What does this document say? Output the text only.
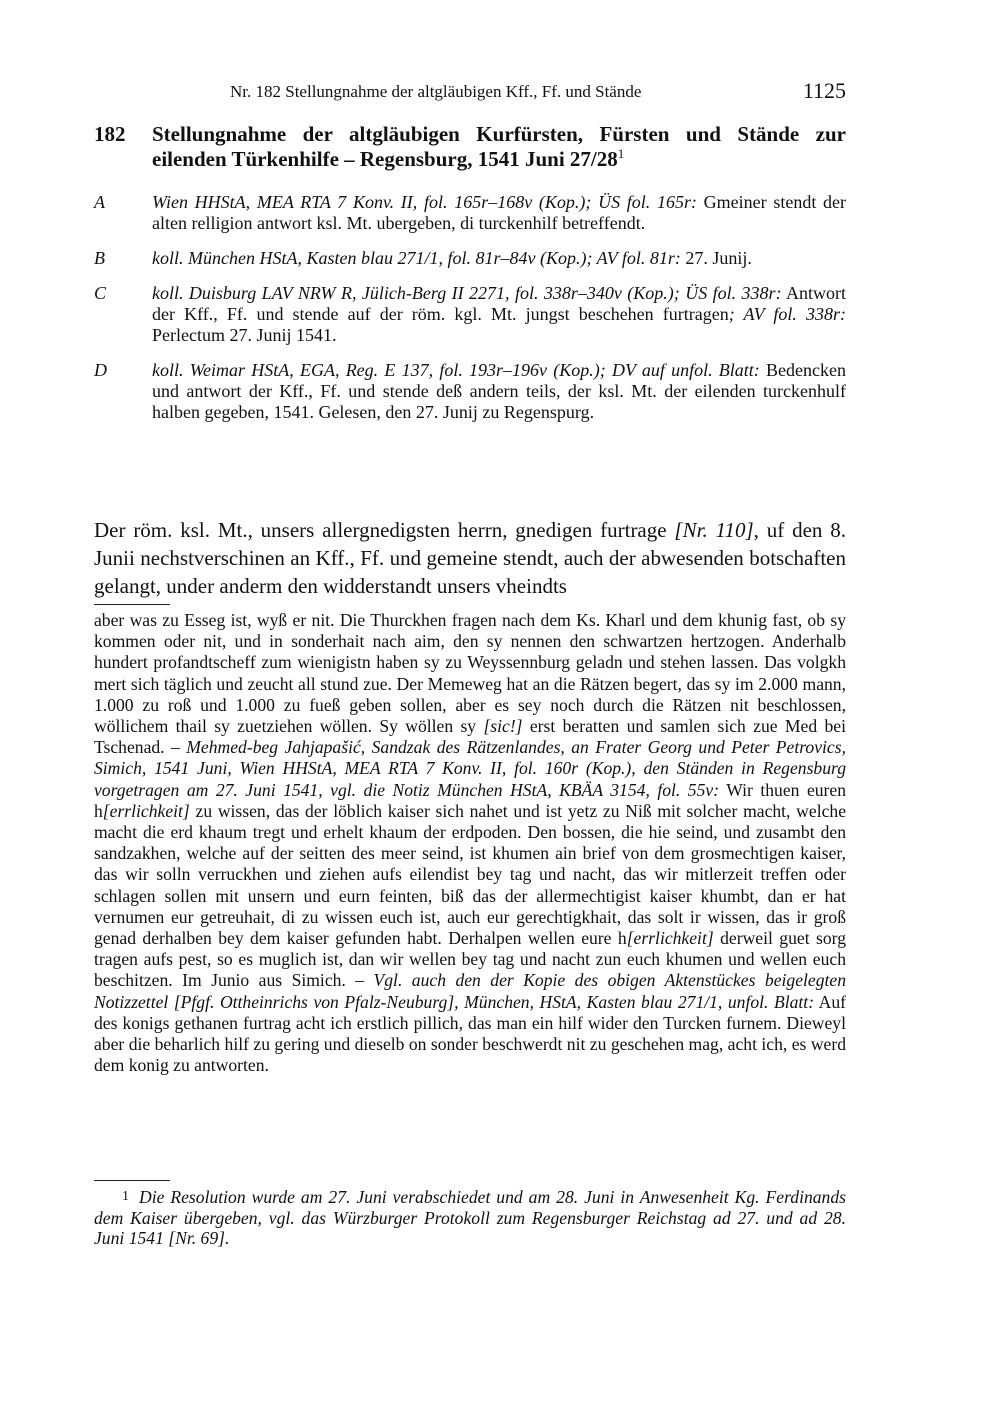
Nr. 182 Stellungnahme der altgläubigen Kff., Ff. und Stände	1125
182 Stellungnahme der altgläubigen Kurfürsten, Fürsten und Stände zur eilenden Türkenhilfe – Regensburg, 1541 Juni 27/28$^1$
A	Wien HHStA, MEA RTA 7 Konv. II, fol. 165r–168v (Kop.); ÜS fol. 165r: Gmeiner stendt der alten relligion antwort ksl. Mt. ubergeben, di turckenhilf betreffendt.
B	koll. München HStA, Kasten blau 271/1, fol. 81r–84v (Kop.); AV fol. 81r: 27. Junij.
C	koll. Duisburg LAV NRW R, Jülich-Berg II 2271, fol. 338r–340v (Kop.); ÜS fol. 338r: Antwort der Kff., Ff. und stende auf der röm. kgl. Mt. jungst beschehen furtragen; AV fol. 338r: Perlectum 27. Junij 1541.
D	koll. Weimar HStA, EGA, Reg. E 137, fol. 193r–196v (Kop.); DV auf unfol. Blatt: Bedencken und antwort der Kff., Ff. und stende deß andern teils, der ksl. Mt. der eilenden turckenhulf halben gegeben, 1541. Gelesen, den 27. Junij zu Regenspurg.
Der röm. ksl. Mt., unsers allergnedigsten herrn, gnedigen furtrage [Nr. 110], uf den 8. Junii nechstverschinen an Kff., Ff. und gemeine stendt, auch der abwesenden botschaften gelangt, under anderm den widderstandt unsers vheindts
aber was zu Esseg ist, wyß er nit. Die Thurckhen fragen nach dem Ks. Kharl und dem khunig fast, ob sy kommen oder nit, und in sonderhait nach aim, den sy nennen den schwartzen hertzogen. Anderhalb hundert profandtscheff zum wienigistn haben sy zu Weyssennburg geladn und stehen lassen. Das volgkh mert sich täglich und zeucht all stund zue. Der Memeweg hat an die Rätzen begert, das sy im 2.000 mann, 1.000 zu roß und 1.000 zu fueß geben sollen, aber es sey noch durch die Rätzen nit beschlossen, wöllichem thail sy zuetziehen wöllen. Sy wöllen sy [sic!] erst beratten und samlen sich zue Med bei Tschenad. – Mehmed-beg Jahjapašić, Sandzak des Rätzenlandes, an Frater Georg und Peter Petrovics, Simich, 1541 Juni, Wien HHStA, MEA RTA 7 Konv. II, fol. 160r (Kop.), den Ständen in Regensburg vorgetragen am 27. Juni 1541, vgl. die Notiz München HStA, KBÄA 3154, fol. 55v: Wir thuen euren h[errlichkeit] zu wissen, das der löblich kaiser sich nahet und ist yetz zu Niß mit solcher macht, welche macht die erd khaum tregt und erhelt khaum der erdpoden. Den bossen, die hie seind, und zusambt den sandzakhen, welche auf der seitten des meer seind, ist khumen ain brief von dem grosmechtigen kaiser, das wir solln verruckhen und ziehen aufs eilendist bey tag und nacht, das wir mitlerzeit treffen oder schlagen sollen mit unsern und eurn feinten, biß das der allermechtigist kaiser khumbt, dan er hat vernumen eur getreuhait, di zu wissen euch ist, auch eur gerechtigkhait, das solt ir wissen, das ir groß genad derhalben bey dem kaiser gefunden habt. Derhalpen wellen eure h[errlichkeit] derweil guet sorg tragen aufs pest, so es muglich ist, dan wir wellen bey tag und nacht zun euch khumen und wellen euch beschitzen. Im Junio aus Simich. – Vgl. auch den der Kopie des obigen Aktenstückes beigelegten Notizzettel [Pfgf. Ottheinrichs von Pfalz-Neuburg], München, HStA, Kasten blau 271/1, unfol. Blatt: Auf des konigs gethanen furtrag acht ich erstlich pillich, das man ein hilf wider den Turcken furnem. Dieweyl aber die beharlich hilf zu gering und dieselb on sonder beschwerdt nit zu geschehen mag, acht ich, es werd dem konig zu antworten.
$^1$ Die Resolution wurde am 27. Juni verabschiedet und am 28. Juni in Anwesenheit Kg. Ferdinands dem Kaiser übergeben, vgl. das Würzburger Protokoll zum Regensburger Reichstag ad 27. und ad 28. Juni 1541 [Nr. 69].
